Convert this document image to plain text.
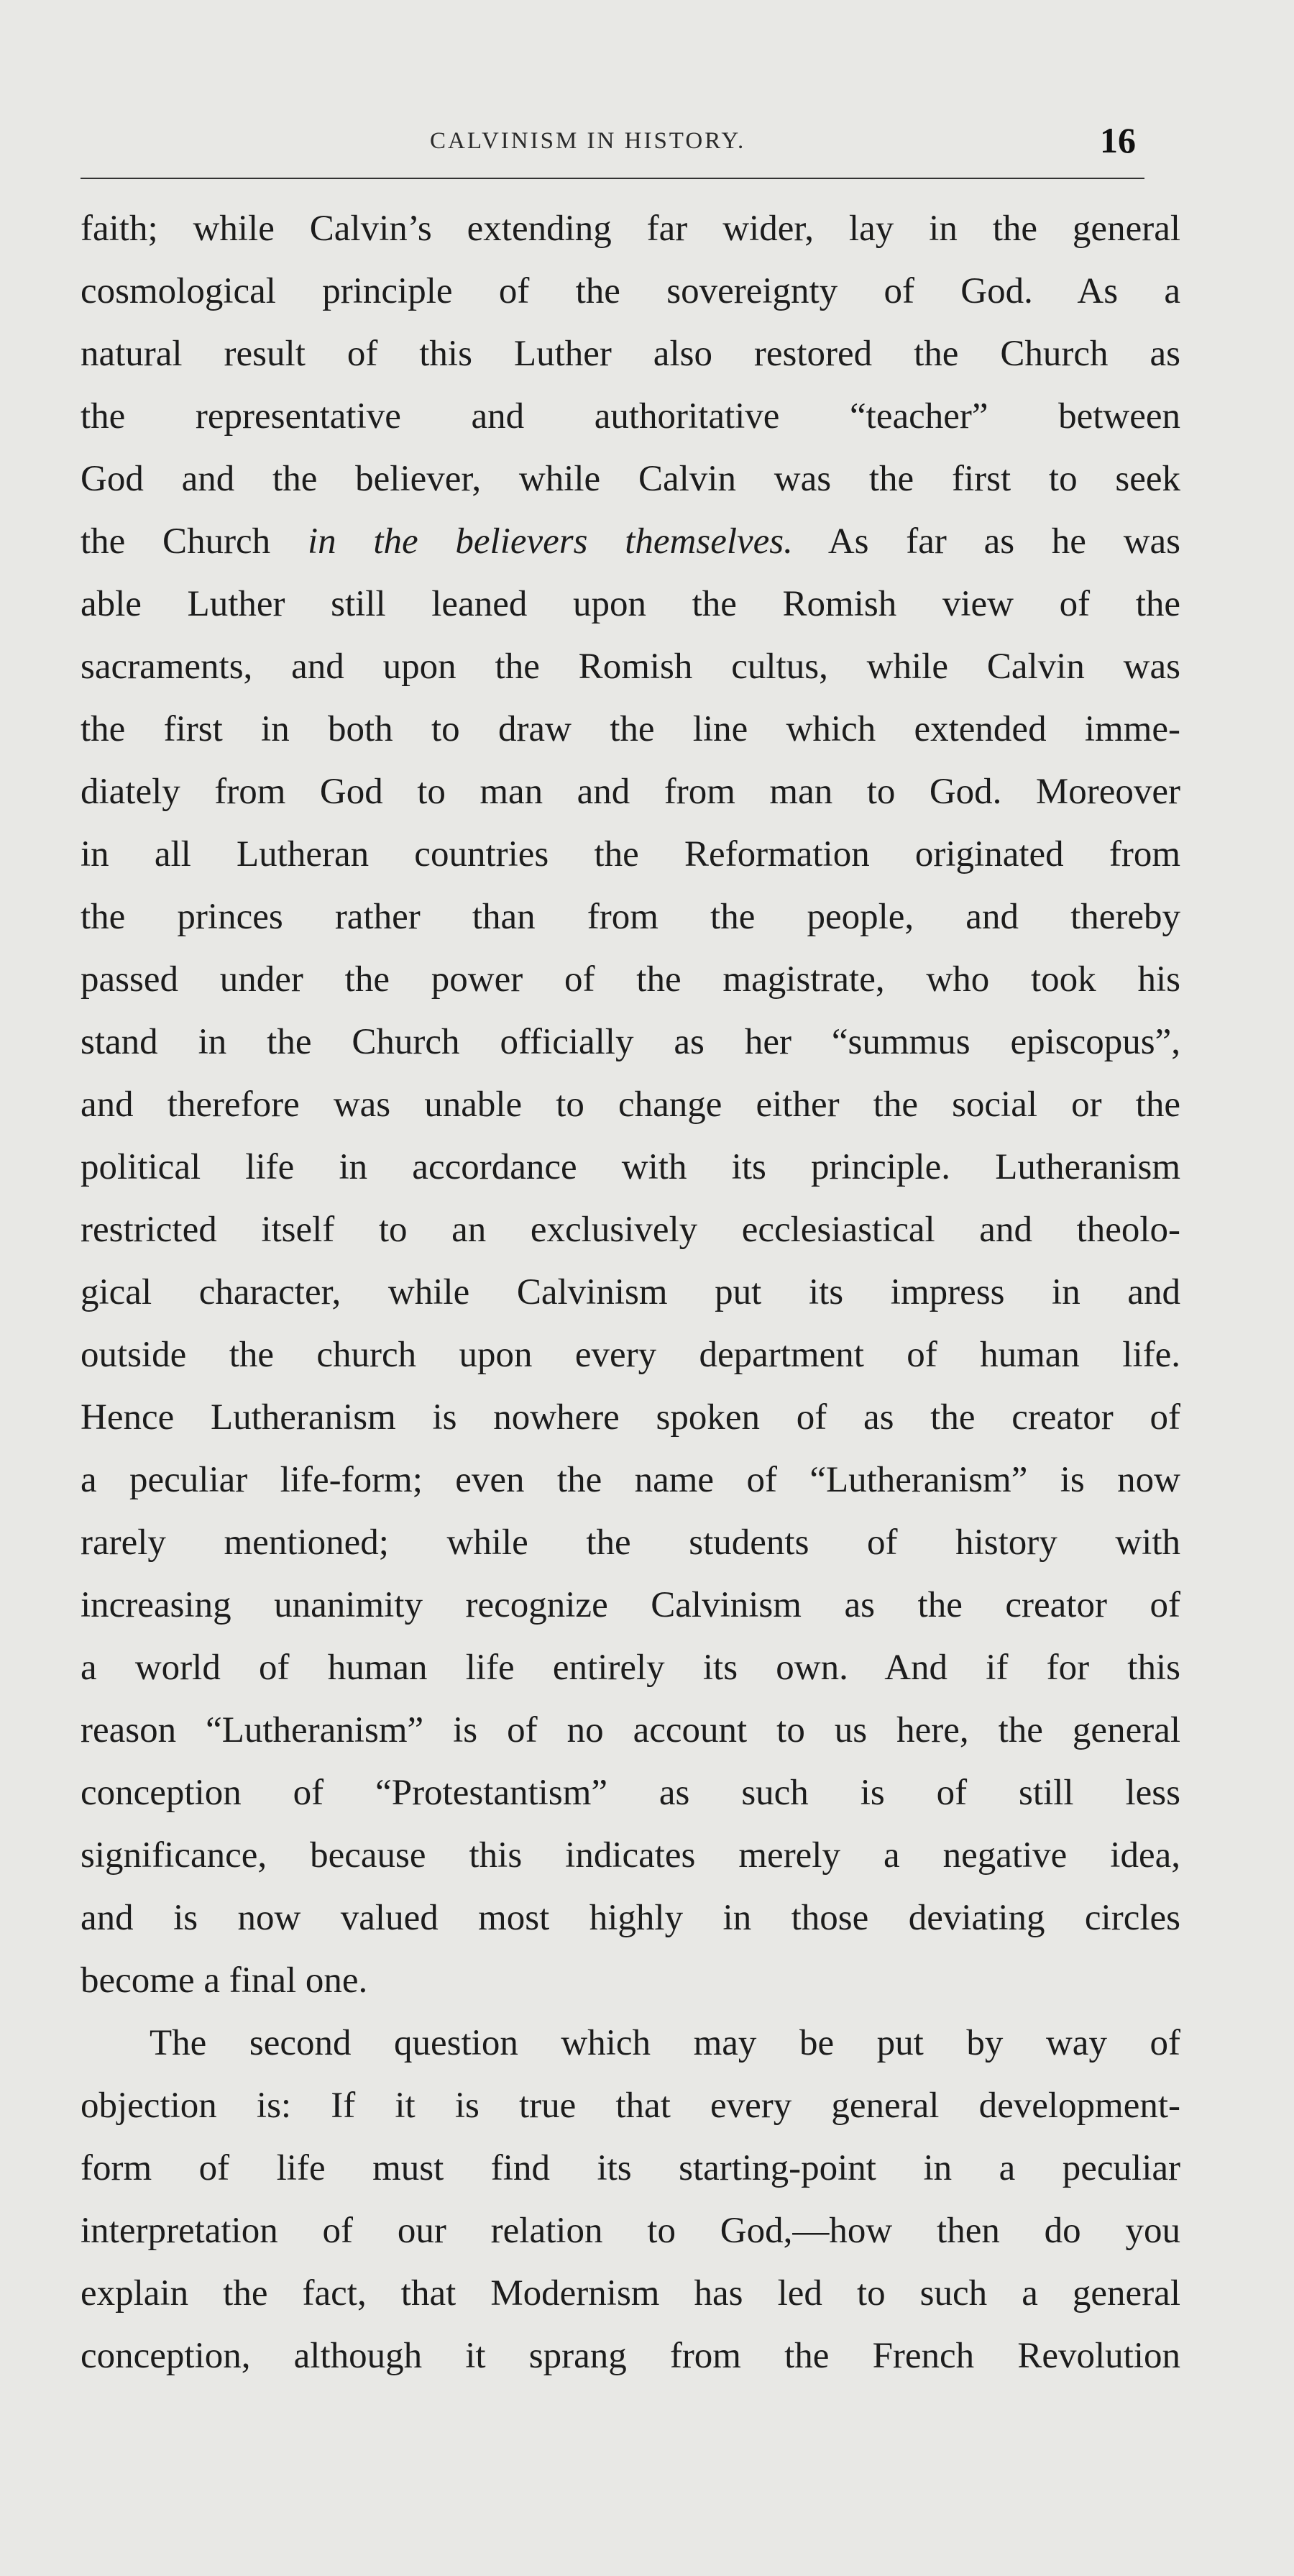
CALVINISM IN HISTORY.	16
faith; while Calvin’s extending far wider, lay in the general
cosmological principle of the sovereignty of God. As a
natural result of this Luther also restored the Church as
the representative and authoritative “teacher” between
God and the believer, while Calvin was the first to seek
the Church in the believers themselves. As far as he was
able Luther still leaned upon the Romish view of the
sacraments, and upon the Romish cultus, while Calvin was
the first in both to draw the line which extended imme-
diately from God to man and from man to God. Moreover
in all Lutheran countries the Reformation originated from
the princes rather than from the people, and thereby
passed under the power of the magistrate, who took his
stand in the Church officially as her “summus episcopus”,
and therefore was unable to change either the social or the
political life in accordance with its principle. Lutheranism
restricted itself to an exclusively ecclesiastical and theolo-
gical character, while Calvinism put its impress in and
outside the church upon every department of human life.
Hence Lutheranism is nowhere spoken of as the creator of
a peculiar life-form; even the name of “Lutheranism” is now
rarely mentioned; while the students of history with
increasing unanimity recognize Calvinism as the creator of
a world of human life entirely its own. And if for this
reason “Lutheranism” is of no account to us here, the general
conception of “Protestantism” as such is of still less
significance, because this indicates merely a negative idea,
and is now valued most highly in those deviating circles
become a final one.
The second question which may be put by way of
objection is: If it is true that every general development-
form of life must find its starting-point in a peculiar
interpretation of our relation to God,—how then do you
explain the fact, that Modernism has led to such a general
conception, although it sprang from the French Revolution
